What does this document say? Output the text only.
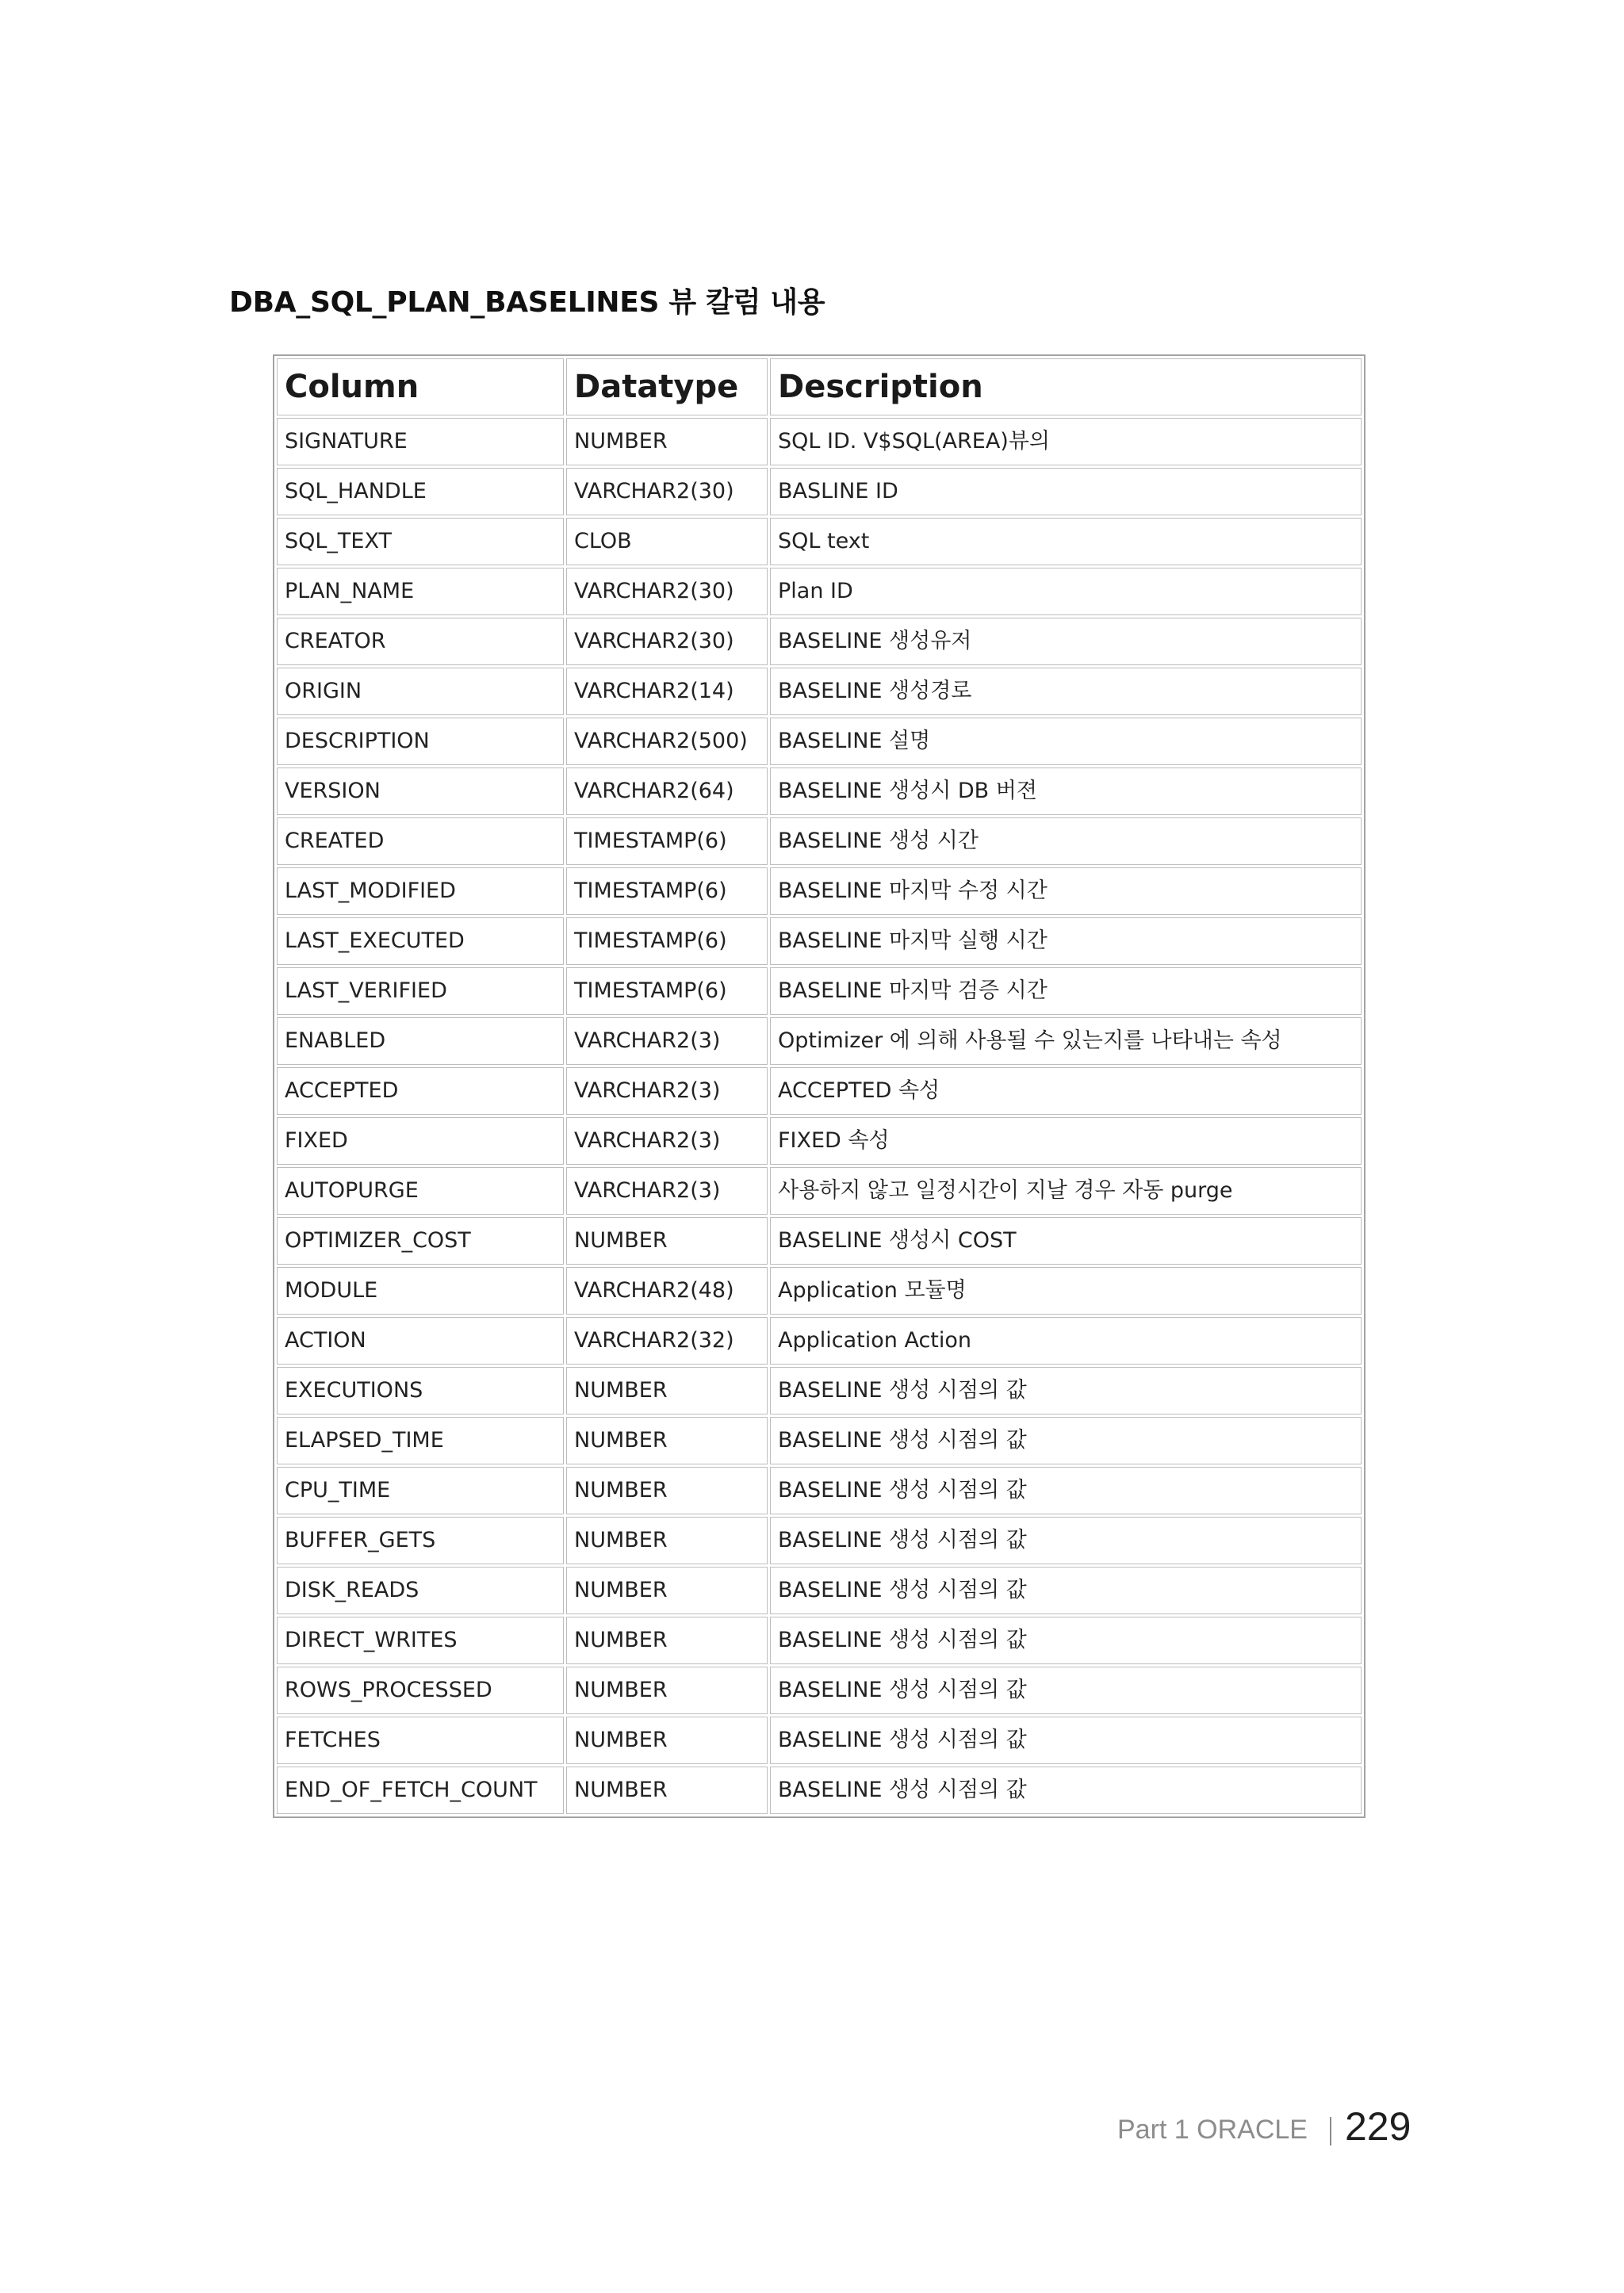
DBA_SQL_PLAN_BASELINES 뷰 칼럼 내용
Column	Datatype	Description
SIGNATURE	NUMBER	SQL ID. V$SQL(AREA)뷰의
SQL_HANDLE	VARCHAR2(30)	BASLINE ID
SQL_TEXT	CLOB	SQL text
PLAN_NAME	VARCHAR2(30)	Plan ID
CREATOR	VARCHAR2(30)	BASELINE 생성유저
ORIGIN	VARCHAR2(14)	BASELINE 생성경로
DESCRIPTION	VARCHAR2(500)	BASELINE 설명
VERSION	VARCHAR2(64)	BASELINE 생성시 DB 버젼
CREATED	TIMESTAMP(6)	BASELINE 생성 시간
LAST_MODIFIED	TIMESTAMP(6)	BASELINE 마지막 수정 시간
LAST_EXECUTED	TIMESTAMP(6)	BASELINE 마지막 실행 시간
LAST_VERIFIED	TIMESTAMP(6)	BASELINE 마지막 검증 시간
ENABLED	VARCHAR2(3)	Optimizer 에 의해 사용될 수 있는지를 나타내는 속성
ACCEPTED	VARCHAR2(3)	ACCEPTED 속성
FIXED	VARCHAR2(3)	FIXED 속성
AUTOPURGE	VARCHAR2(3)	사용하지 않고 일정시간이 지날 경우 자동 purge
OPTIMIZER_COST	NUMBER	BASELINE 생성시 COST
MODULE	VARCHAR2(48)	Application 모듈명
ACTION	VARCHAR2(32)	Application Action
EXECUTIONS	NUMBER	BASELINE 생성 시점의 값
ELAPSED_TIME	NUMBER	BASELINE 생성 시점의 값
CPU_TIME	NUMBER	BASELINE 생성 시점의 값
BUFFER_GETS	NUMBER	BASELINE 생성 시점의 값
DISK_READS	NUMBER	BASELINE 생성 시점의 값
DIRECT_WRITES	NUMBER	BASELINE 생성 시점의 값
ROWS_PROCESSED	NUMBER	BASELINE 생성 시점의 값
FETCHES	NUMBER	BASELINE 생성 시점의 값
END_OF_FETCH_COUNT	NUMBER	BASELINE 생성 시점의 값
Part 1 ORACLE 229
